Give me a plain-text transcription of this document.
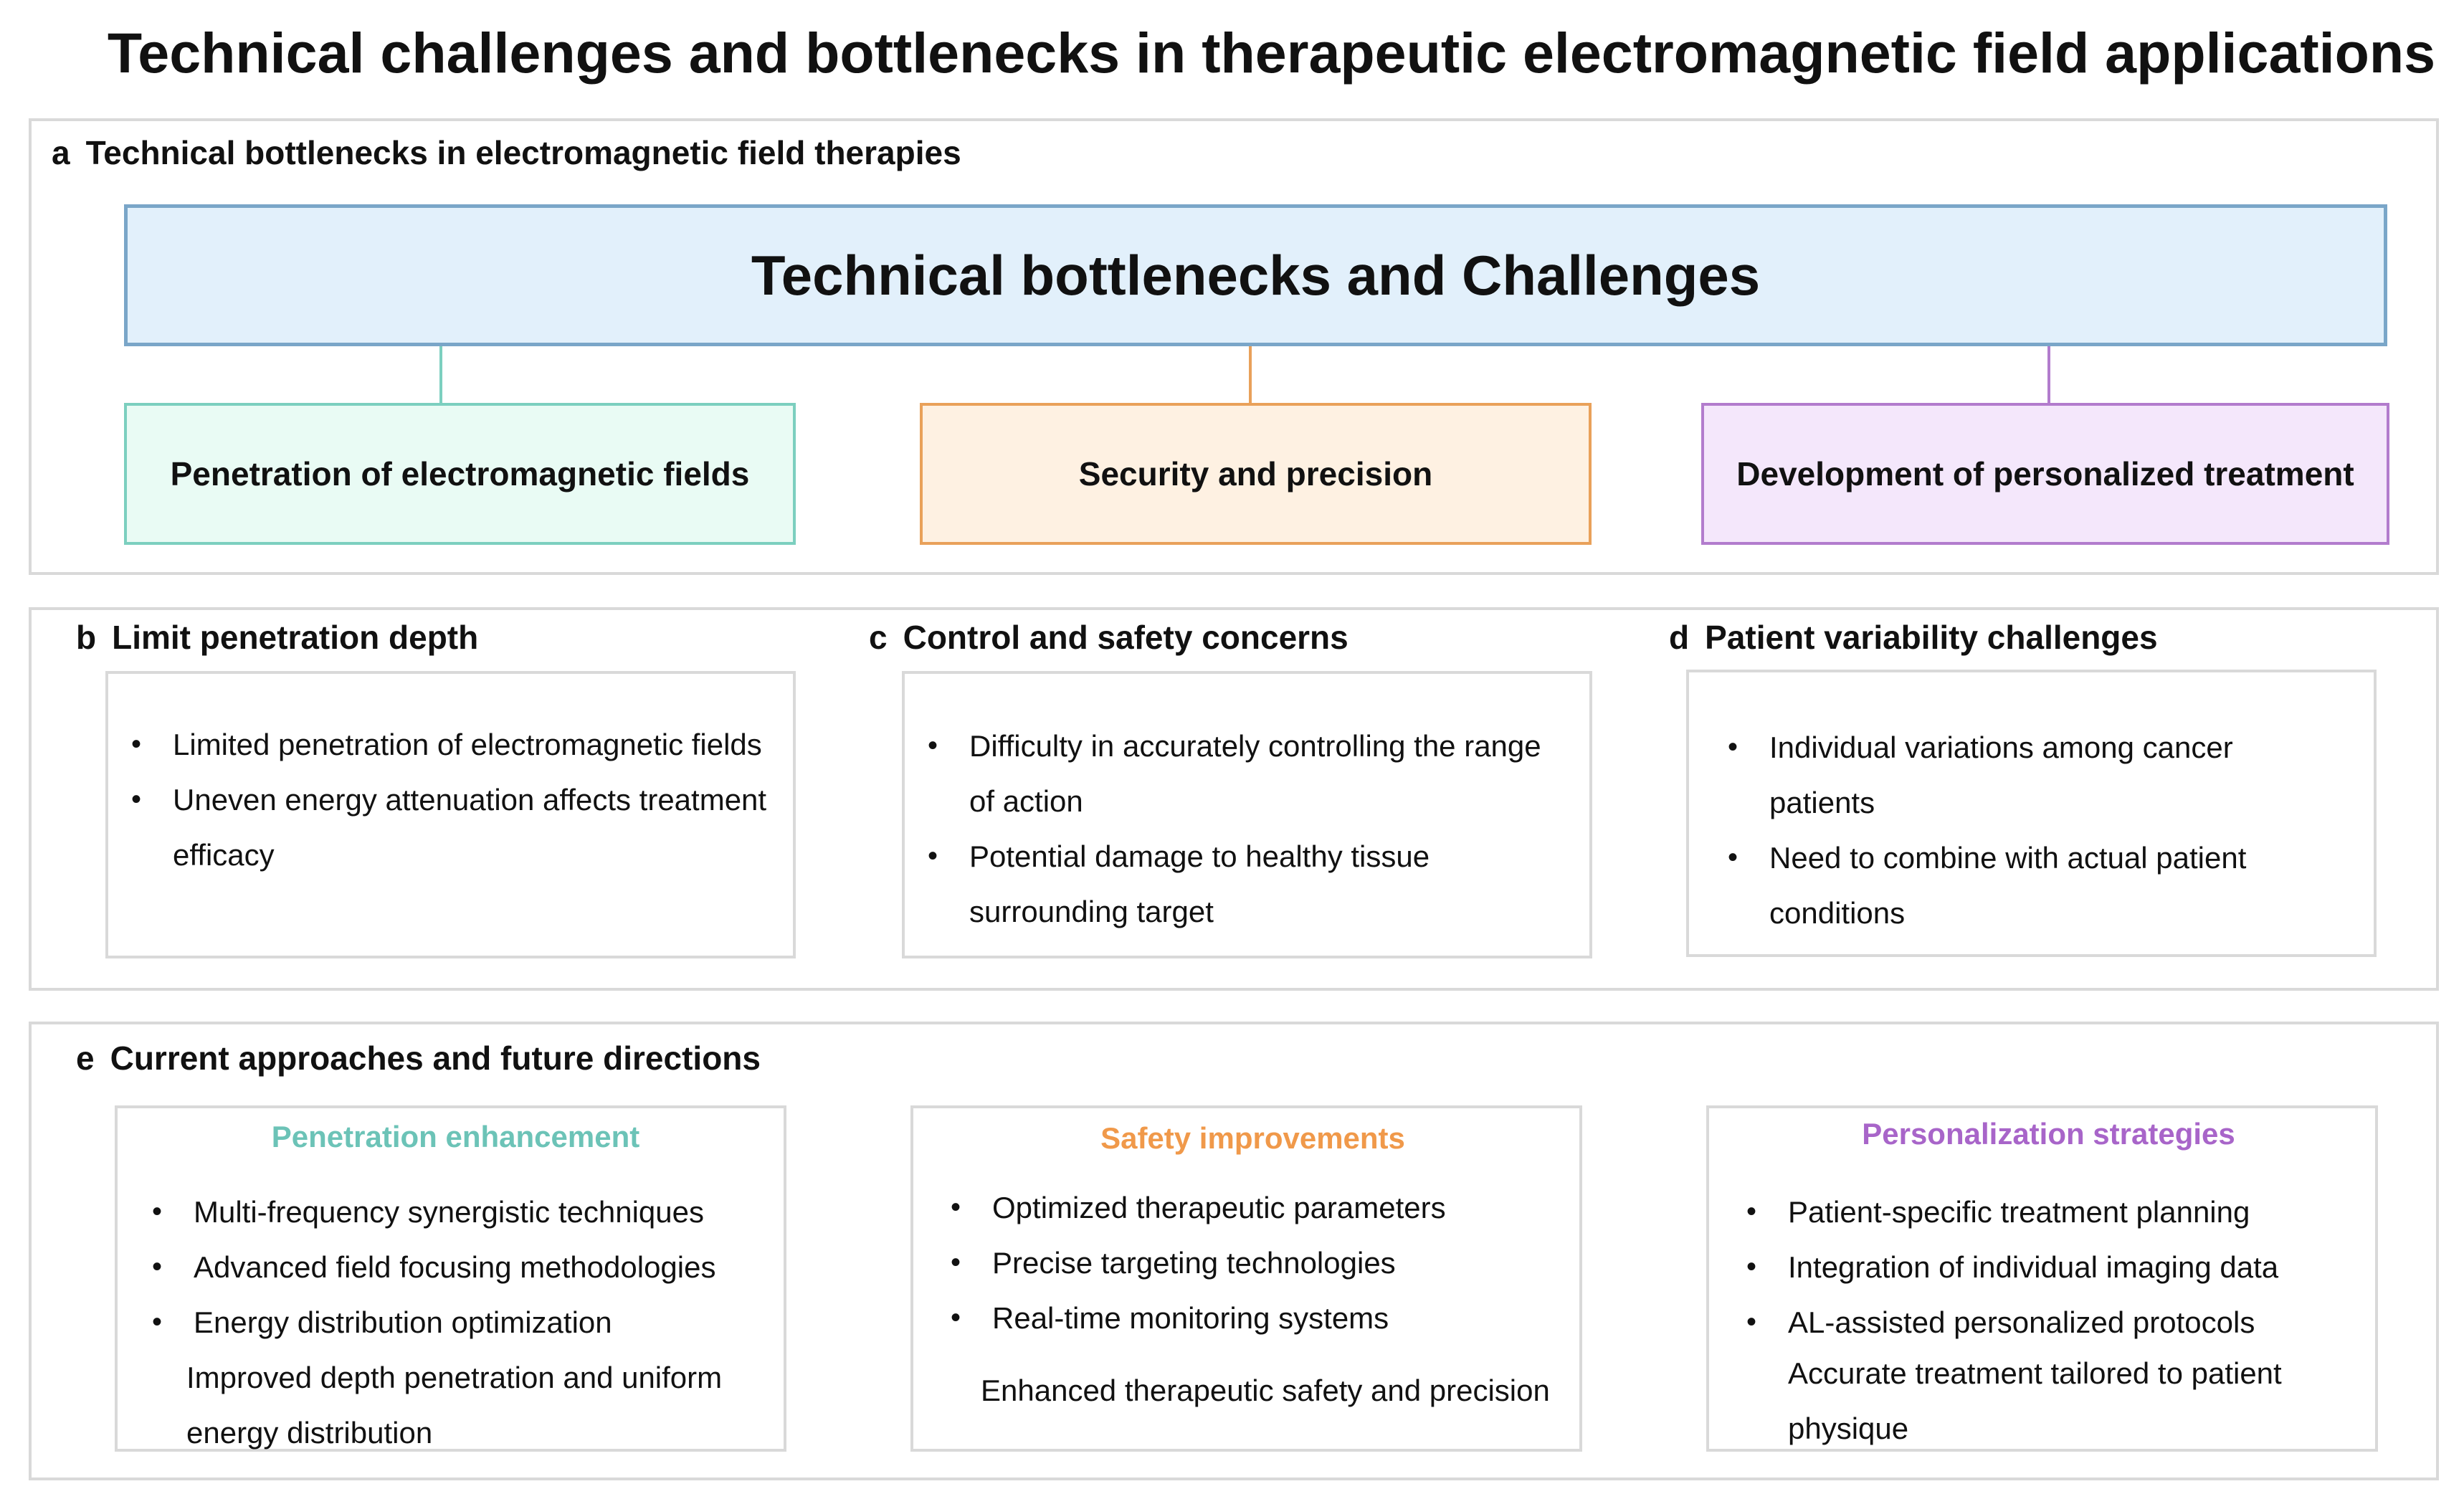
Technical challenges and bottlenecks in therapeutic electromagnetic field applications
a Technical bottlenecks in electromagnetic field therapies
Technical bottlenecks and Challenges
Penetration of electromagnetic fields	Security and precision	Development of personalized treatment
b Limit penetration depth
• Limited penetration of electromagnetic fields
• Uneven energy attenuation affects treatment efficacy
c Control and safety concerns
• Difficulty in accurately controlling the range of action
• Potential damage to healthy tissue surrounding target
d Patient variability challenges
• Individual variations among cancer patients
• Need to combine with actual patient conditions
e Current approaches and future directions
Penetration enhancement
• Multi-frequency synergistic techniques
• Advanced field focusing methodologies
• Energy distribution optimization
Improved depth penetration and uniform energy distribution
Safety improvements
• Optimized therapeutic parameters
• Precise targeting technologies
• Real-time monitoring systems
Enhanced therapeutic safety and precision
Personalization strategies
• Patient-specific treatment planning
• Integration of individual imaging data
• AL-assisted personalized protocols
Accurate treatment tailored to patient physique
